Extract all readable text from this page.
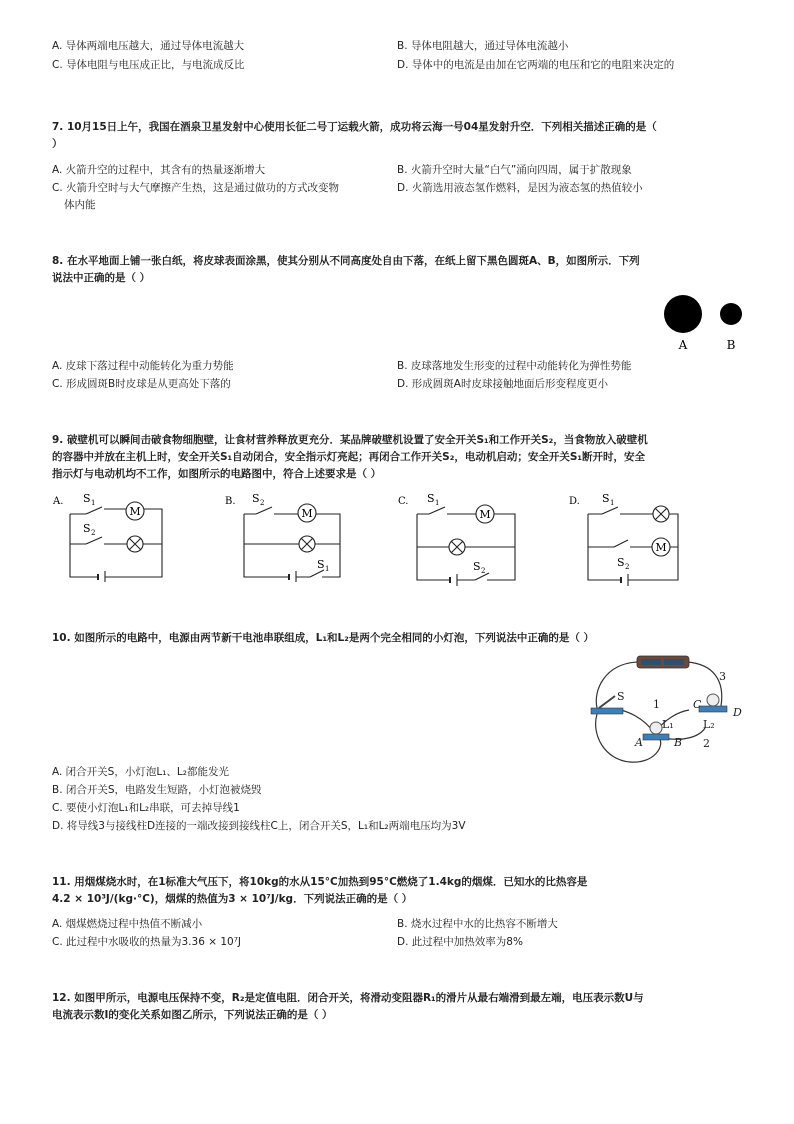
A. 导体两端电压越大，通过导体电流越大	B. 导体电阻越大，通过导体电流越小
C. 导体电阻与电压成正比，与电流成反比	D. 导体中的电流是由加在它两端的电压和它的电阻来决定的
7. 10月15日上午，我国在酒泉卫星发射中心使用长征二号丁运载火箭，成功将云海一号04星发射升空．下列相关描述正确的是（
）
A. 火箭升空的过程中，其含有的热量逐渐增大	B. 火箭升空时大量“白气”涌向四周，属于扩散现象
C. 火箭升空时与大气摩擦产生热，这是通过做功的方式改变物	D. 火箭选用液态氢作燃料，是因为液态氢的热值较小
体内能
8. 在水平地面上铺一张白纸，将皮球表面涂黑，使其分别从不同高度处自由下落，在纸上留下黑色圆斑A、B，如图所示．下列
说法中正确的是（ ）
A	B
A. 皮球下落过程中动能转化为重力势能	B. 皮球落地发生形变的过程中动能转化为弹性势能
C. 形成圆斑B时皮球是从更高处下落的	D. 形成圆斑A时皮球接触地面后形变程度更小
9. 破壁机可以瞬间击破食物细胞壁，让食材营养释放更充分．某品牌破壁机设置了安全开关S₁和工作开关S₂，当食物放入破壁机
的容器中并放在主机上时，安全开关S₁自动闭合，安全指示灯亮起；再闭合工作开关S₂，电动机启动；安全开关S₁断开时，安全
指示灯与电动机均不工作，如图所示的电路图中，符合上述要求是（ ）
A.
M
S 1
S 2
B.
M
S 2
S 1
C.
M
S 1
S 2
D.
M
S 1
S 2
10. 如图所示的电路中，电源由两节新干电池串联组成，L₁和L₂是两个完全相同的小灯泡，下列说法中正确的是（ ）
S
1
2
3
C
D
A	B
L₁	L₂
A. 闭合开关S，小灯泡L₁、L₂都能发光
B. 闭合开关S，电路发生短路，小灯泡被烧毁
C. 要使小灯泡L₁和L₂串联，可去掉导线1
D. 将导线3与接线柱D连接的一端改接到接线柱C上，闭合开关S，L₁和L₂两端电压均为3V
11. 用烟煤烧水时，在1标准大气压下，将10kg的水从15°C加热到95°C燃烧了1.4kg的烟煤．已知水的比热容是
4.2 × 10³J/(kg·°C)，烟煤的热值为3 × 10⁷J/kg．下列说法正确的是（ ）
A. 烟煤燃烧过程中热值不断减小	B. 烧水过程中水的比热容不断增大
C. 此过程中水吸收的热量为3.36 × 10⁷J	D. 此过程中加热效率为8%
12. 如图甲所示，电源电压保持不变，R₂是定值电阻．闭合开关，将滑动变阻器R₁的滑片从最右端滑到最左端，电压表示数U与
电流表示数I的变化关系如图乙所示，下列说法正确的是（ ）
